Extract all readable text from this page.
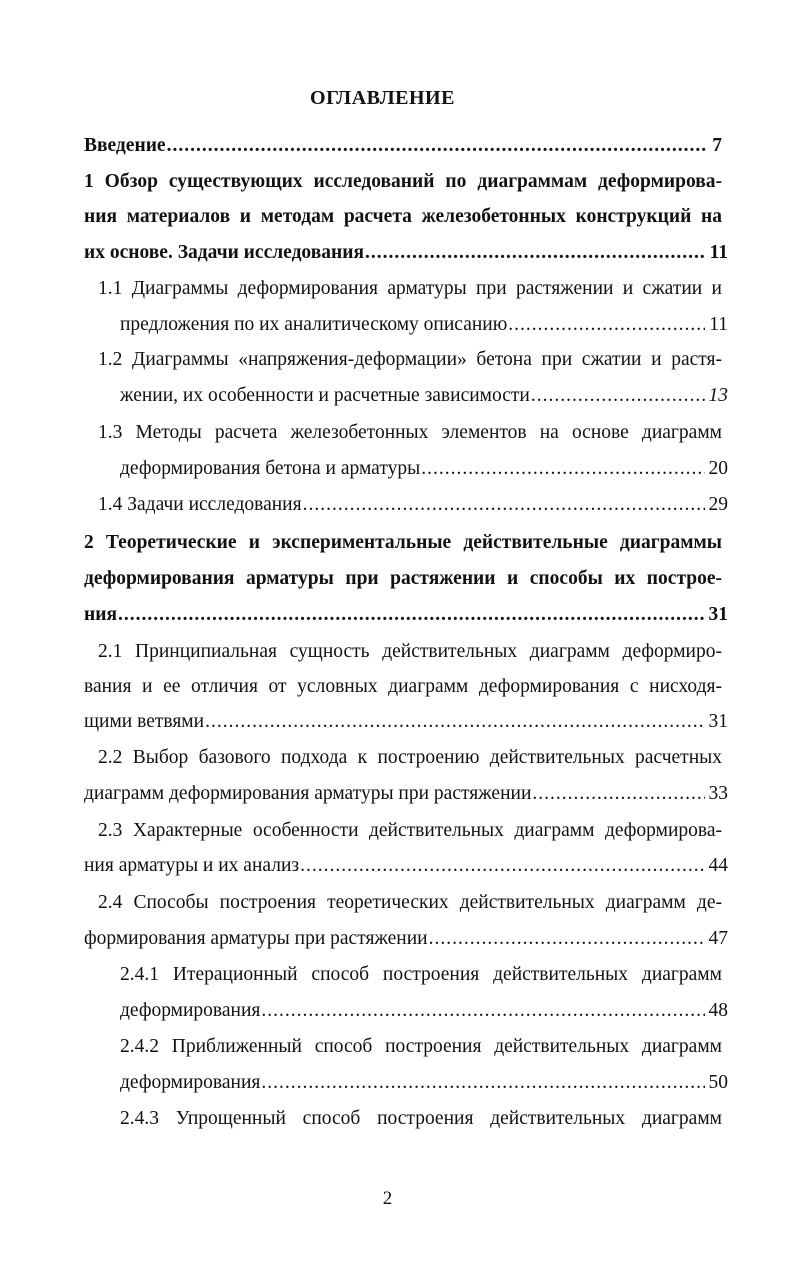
ОГЛАВЛЕНИЕ
Введение .....	7
1 Обзор существующих исследований по диаграммам деформирова-
ния материалов и методам расчета железобетонных конструкций на
их основе. Задачи исследования .....	11
1.1 Диаграммы деформирования арматуры при растяжении и сжатии и
предложения по их аналитическому описанию .....	11
1.2 Диаграммы «напряжения-деформации» бетона при сжатии и растя-
жении, их особенности и расчетные зависимости .....	13
1.3 Методы расчета железобетонных элементов на основе диаграмм
деформирования бетона и арматуры .....	20
1.4 Задачи исследования .....	29
2 Теоретические и экспериментальные действительные диаграммы
деформирования арматуры при растяжении и способы их построе-
ния .....	31
2.1 Принципиальная сущность действительных диаграмм деформиро-
вания и ее отличия от условных диаграмм деформирования с нисходя-
щими ветвями .....	31
2.2 Выбор базового подхода к построению действительных расчетных
диаграмм деформирования арматуры при растяжении .....	33
2.3 Характерные особенности действительных диаграмм деформирова-
ния арматуры и их анализ .....	44
2.4 Способы построения теоретических действительных диаграмм де-
формирования арматуры при растяжении .....	47
2.4.1 Итерационный способ построения действительных диаграмм
деформирования .....	48
2.4.2 Приближенный способ построения действительных диаграмм
деформирования .....	50
2.4.3 Упрощенный способ построения действительных диаграмм
2
